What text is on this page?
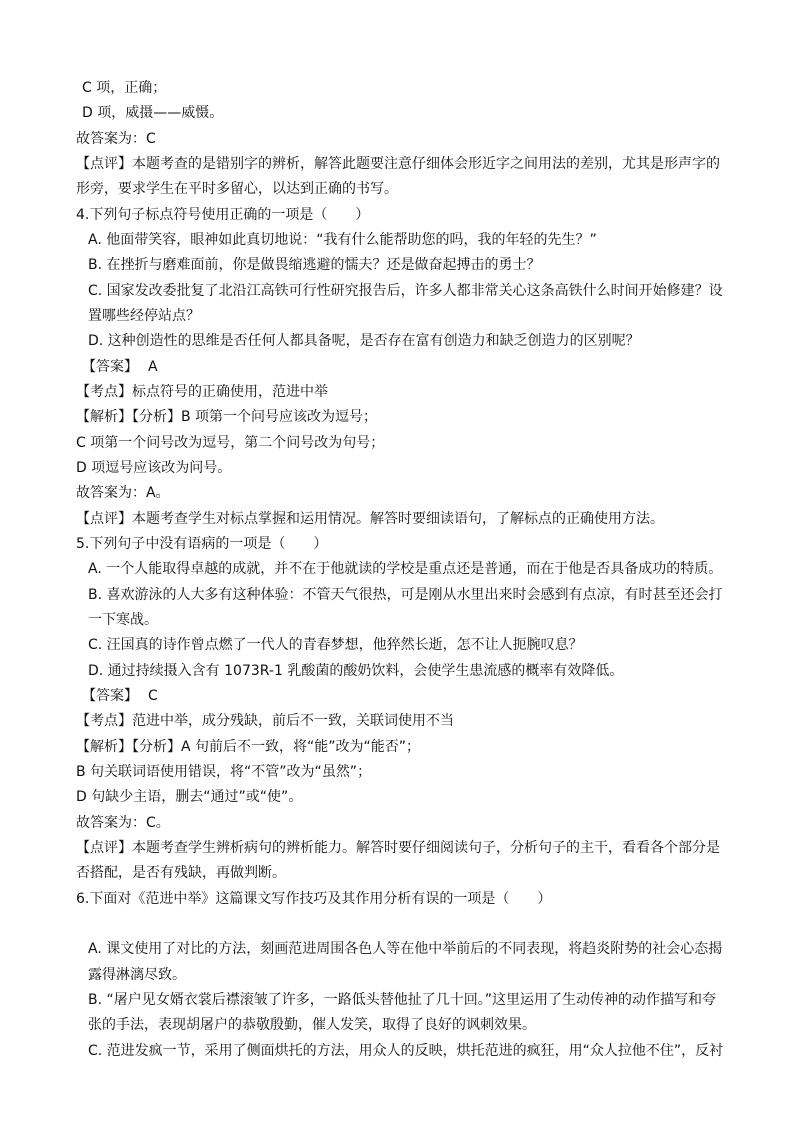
C 项，正确；
D 项，威摄——威慑。
故答案为：C
【点评】本题考查的是错别字的辨析，解答此题要注意仔细体会形近字之间用法的差别，尤其是形声字的
形旁，要求学生在平时多留心，以达到正确的书写。
4.下列句子标点符号使用正确的一项是（　　）
A. 他面带笑容，眼神如此真切地说：“我有什么能帮助您的吗，我的年轻的先生？”
B. 在挫折与磨难面前，你是做畏缩逃避的懦夫？还是做奋起搏击的勇士？
C. 国家发改委批复了北沿江高铁可行性研究报告后，许多人都非常关心这条高铁什么时间开始修建？设
置哪些经停站点？
D. 这种创造性的思维是否任何人都具备呢，是否存在富有创造力和缺乏创造力的区别呢？
【答案】 A
【考点】标点符号的正确使用，范进中举
【解析】【分析】B 项第一个问号应该改为逗号；
C 项第一个问号改为逗号，第二个问号改为句号；
D 项逗号应该改为问号。
故答案为：A。
【点评】本题考查学生对标点掌握和运用情况。解答时要细读语句，了解标点的正确使用方法。
5.下列句子中没有语病的一项是（　　）
A. 一个人能取得卓越的成就，并不在于他就读的学校是重点还是普通，而在于他是否具备成功的特质。
B. 喜欢游泳的人大多有这种体验：不管天气很热，可是刚从水里出来时会感到有点凉，有时甚至还会打
一下寒战。
C. 汪国真的诗作曾点燃了一代人的青春梦想，他猝然长逝，怎不让人扼腕叹息？
D. 通过持续摄入含有 1073R-1 乳酸菌的酸奶饮料，会使学生患流感的概率有效降低。
【答案】 C
【考点】范进中举，成分残缺，前后不一致，关联词使用不当
【解析】【分析】A 句前后不一致，将“能”改为“能否”；
B 句关联词语使用错误，将“不管”改为“虽然”；
D 句缺少主语，删去“通过”或“使”。
故答案为：C。
【点评】本题考查学生辨析病句的辨析能力。解答时要仔细阅读句子，分析句子的主干，看看各个部分是
否搭配，是否有残缺，再做判断。
6.下面对《范进中举》这篇课文写作技巧及其作用分析有误的一项是（　　）
A. 课文使用了对比的方法，刻画范进周围各色人等在他中举前后的不同表现，将趋炎附势的社会心态揭
露得淋漓尽致。
B. “屠户见女婿衣裳后襟滚皱了许多，一路低头替他扯了几十回。”这里运用了生动传神的动作描写和夸
张的手法，表现胡屠户的恭敬殷勤，催人发笑，取得了良好的讽刺效果。
C. 范进发疯一节，采用了侧面烘托的方法，用众人的反映，烘托范进的疯狂，用“众人拉他不住”，反衬
